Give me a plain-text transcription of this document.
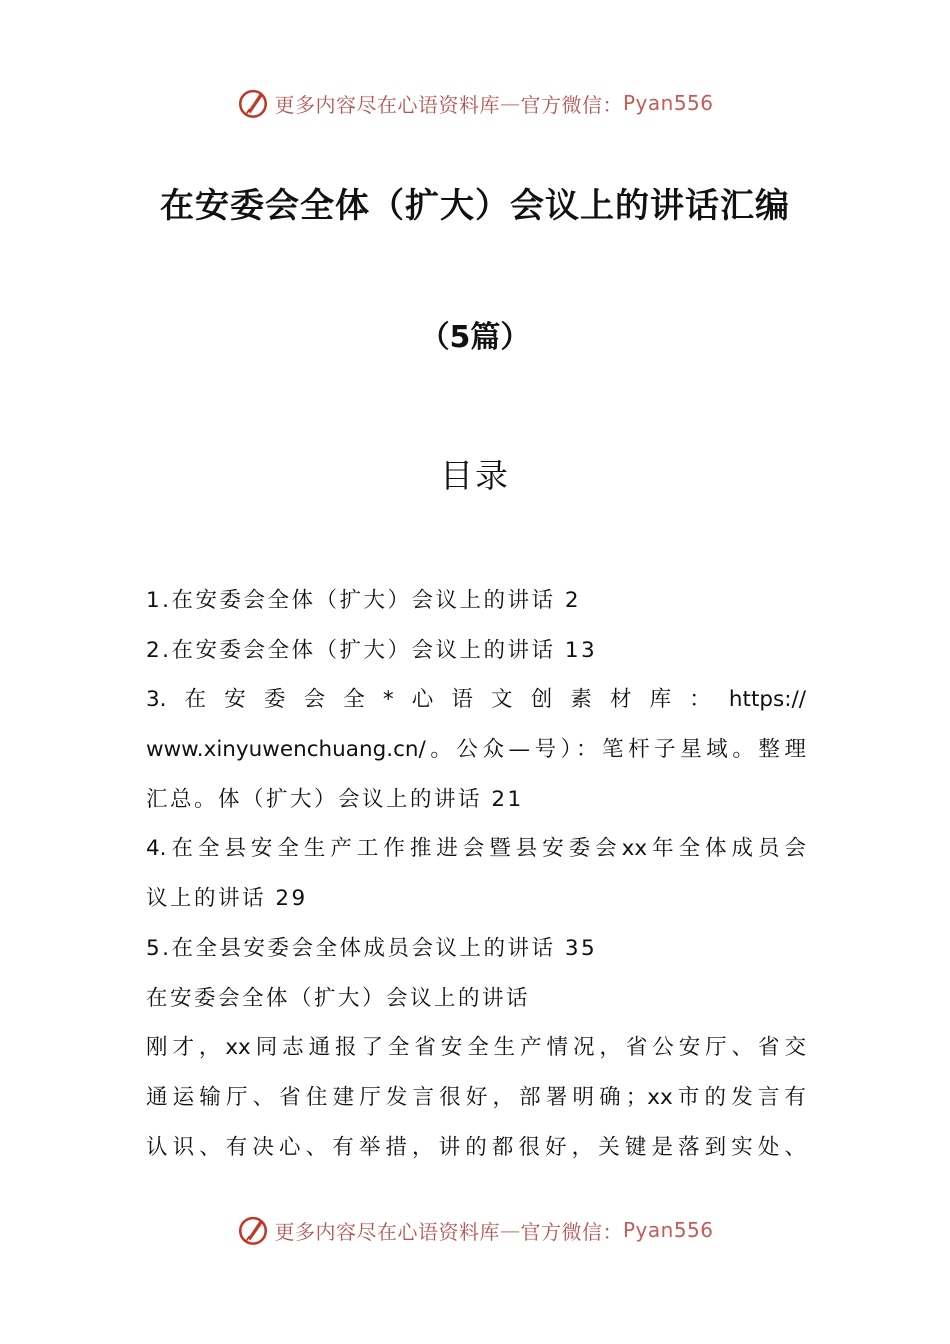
更多内容尽在心语资料库 — 官方微信： Pyan556
在安委会全体（扩大）会议上的讲话汇编
（5篇）
目录
1.在安委会全体（扩大）会议上的讲话 2
2.在安委会全体（扩大）会议上的讲话 13
3.在安委会全*心语文创素材库：https://
www.xinyuwenchuang.cn/。公众—号）：笔杆子星域。整理
汇总。体（扩大）会议上的讲话 21
4.在全县安全生产工作推进会暨县安委会xx年全体成员会
议上的讲话 29
5.在全县安委会全体成员会议上的讲话 35
在安委会全体（扩大）会议上的讲话
刚才，xx同志通报了全省安全生产情况，省公安厅、省交
通运输厅、省住建厅发言很好，部署明确；xx市的发言有
认识、有决心、有举措，讲的都很好，关键是落到实处、
更多内容尽在心语资料库 — 官方微信： Pyan556
